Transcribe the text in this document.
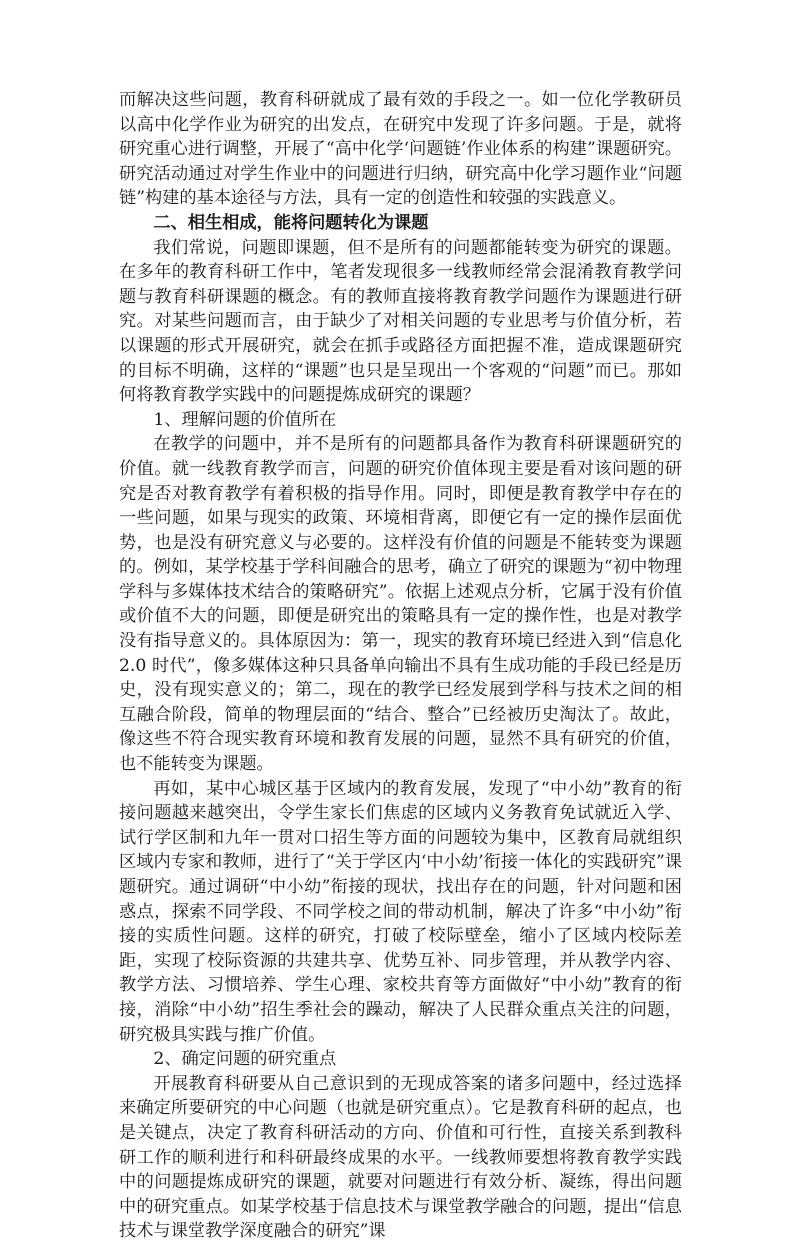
而解决这些问题，教育科研就成了最有效的手段之一。如一位化学教研员以高中化学作业为研究的出发点，在研究中发现了许多问题。于是，就将研究重心进行调整，开展了“高中化学‘问题链’作业体系的构建”课题研究。研究活动通过对学生作业中的问题进行归纳，研究高中化学习题作业“问题链”构建的基本途径与方法，具有一定的创造性和较强的实践意义。

二、相生相成，能将问题转化为课题

我们常说，问题即课题，但不是所有的问题都能转变为研究的课题。在多年的教育科研工作中，笔者发现很多一线教师经常会混淆教育教学问题与教育科研课题的概念。有的教师直接将教育教学问题作为课题进行研究。对某些问题而言，由于缺少了对相关问题的专业思考与价值分析，若以课题的形式开展研究，就会在抓手或路径方面把握不准，造成课题研究的目标不明确，这样的“课题”也只是呈现出一个客观的“问题”而已。那如何将教育教学实践中的问题提炼成研究的课题？

1、理解问题的价值所在

在教学的问题中，并不是所有的问题都具备作为教育科研课题研究的价值。就一线教育教学而言，问题的研究价值体现主要是看对该问题的研究是否对教育教学有着积极的指导作用。同时，即便是教育教学中存在的一些问题，如果与现实的政策、环境相背离，即便它有一定的操作层面优势，也是没有研究意义与必要的。这样没有价值的问题是不能转变为课题的。例如，某学校基于学科间融合的思考，确立了研究的课题为“初中物理学科与多媒体技术结合的策略研究”。依据上述观点分析，它属于没有价值或价值不大的问题，即便是研究出的策略具有一定的操作性，也是对教学没有指导意义的。具体原因为：第一，现实的教育环境已经进入到“信息化 2.0 时代”，像多媒体这种只具备单向输出不具有生成功能的手段已经是历史，没有现实意义的；第二，现在的教学已经发展到学科与技术之间的相互融合阶段，简单的物理层面的“结合、整合”已经被历史淘汰了。故此，像这些不符合现实教育环境和教育发展的问题，显然不具有研究的价值，也不能转变为课题。

再如，某中心城区基于区域内的教育发展，发现了“中小幼”教育的衔接问题越来越突出，令学生家长们焦虑的区域内义务教育免试就近入学、试行学区制和九年一贯对口招生等方面的问题较为集中，区教育局就组织区域内专家和教师，进行了“关于学区内‘中小幼’衔接一体化的实践研究”课题研究。通过调研“中小幼”衔接的现状，找出存在的问题，针对问题和困惑点，探索不同学段、不同学校之间的带动机制，解决了许多“中小幼”衔接的实质性问题。这样的研究，打破了校际壁垒，缩小了区域内校际差距，实现了校际资源的共建共享、优势互补、同步管理，并从教学内容、教学方法、习惯培养、学生心理、家校共育等方面做好“中小幼”教育的衔接，消除“中小幼”招生季社会的躁动，解决了人民群众重点关注的问题，研究极具实践与推广价值。

2、确定问题的研究重点

开展教育科研要从自己意识到的无现成答案的诸多问题中，经过选择来确定所要研究的中心问题（也就是研究重点）。它是教育科研的起点，也是关键点，决定了教育科研活动的方向、价值和可行性，直接关系到教科研工作的顺利进行和科研最终成果的水平。一线教师要想将教育教学实践中的问题提炼成研究的课题，就要对问题进行有效分析、凝练，得出问题中的研究重点。如某学校基于信息技术与课堂教学融合的问题，提出“信息技术与课堂教学深度融合的研究”课
